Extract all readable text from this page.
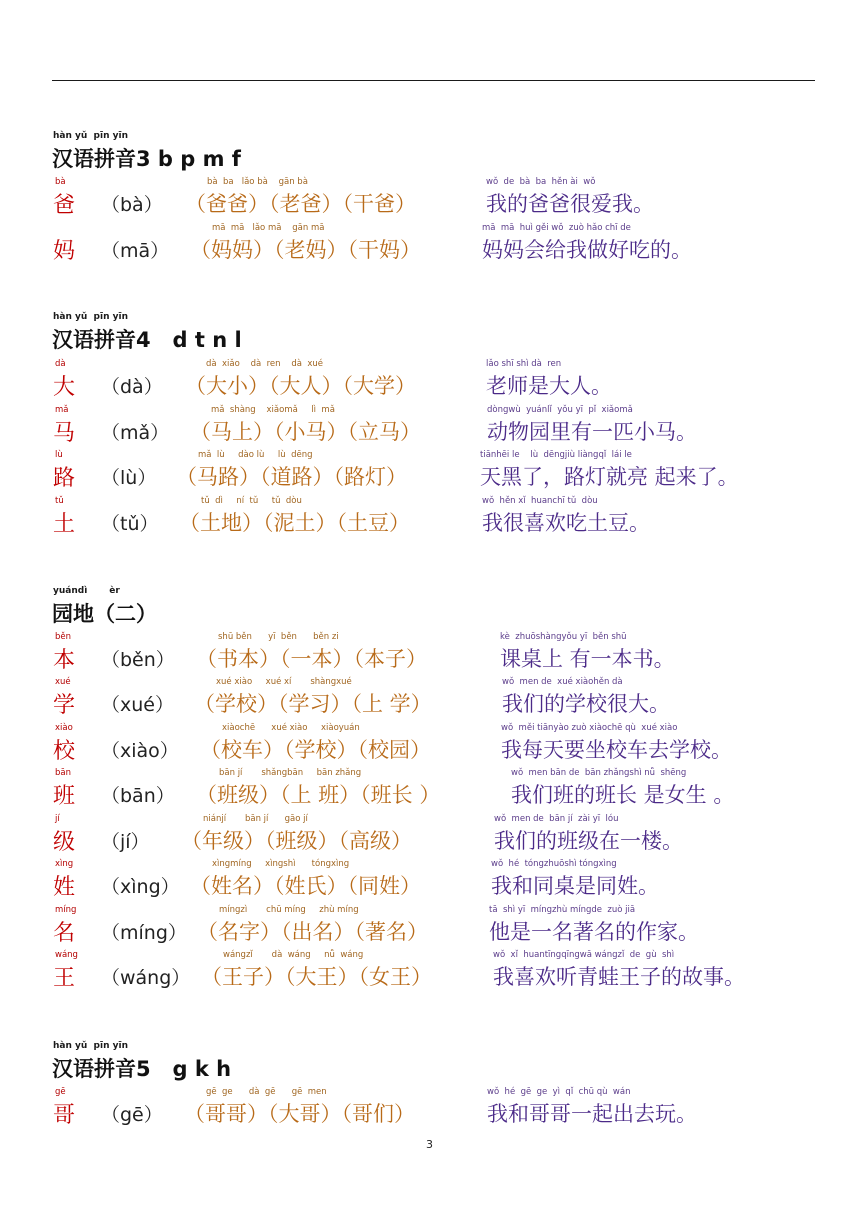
hàn yǔ  pīn yīn
汉语拼音3 b p m f
bà
爸 （bà）
bà  ba   lǎo bà    gān bà
（爸爸）（老爸）（干爸）
wǒ  de  bà  ba  hěn ài  wǒ
我的爸爸很爱我。
妈 （mā）
mā  mā   lǎo mā    gān mā
（妈妈）（老妈）（干妈）
mā  mā  huì gěi wǒ  zuò hǎo chī de
妈妈会给我做好吃的。
hàn yǔ  pīn yīn
汉语拼音4   d t n l
dà
大 （dà）
dà  xiǎo    dà  ren    dà  xué
（大小）（大人）（大学）
lǎo shī shì dà  ren
老师是大人。
mǎ
马 （mǎ）
mǎ  shàng    xiǎomǎ     lì  mǎ
（马上）（小马）（立马）
dòngwù  yuánlǐ  yǒu yī  pǐ  xiǎomǎ
动物园里有一匹小马。
lù
路 （lù）
mǎ  lù     dào lù     lù  dēng
（马路）（道路）（路灯）
tiānhēi le    lù  dēngjiù liàngqǐ  lái le
天黑了，路灯就亮 起来了。
tǔ
土 （tǔ）
tǔ  dì     ní  tǔ     tǔ  dòu
（土地）（泥土）（土豆）
wǒ  hěn xǐ  huanchī tǔ  dòu
我很喜欢吃土豆。
yuándì       èr
园地（二）
běn
本 （běn）
shū běn      yī  běn      běn zi
（书本）（一本）（本子）
kè  zhuōshàngyǒu yī  běn shū
课桌上 有一本书。
xué
学 （xué）
xué xiào     xué xí       shàngxué
（学校）（学习）（上 学）
wǒ  men de  xué xiàohěn dà
我们的学校很大。
xiào
校 （xiào）
xiàochē      xué xiào     xiàoyuán
（校车）（学校）（校园）
wǒ  měi tiānyào zuò xiàochē qù  xué xiào
我每天要坐校车去学校。
bān
班 （bān）
bān jí       shǎngbān     bān zhǎng
（班级）（上 班）（班长 ）
wǒ  men bān de  bān zhǎngshì nǚ  shēng
我们班的班长 是女生 。
jí
级 （jí）
niánjí       bān jí      gāo jí
（年级）（班级）（高级）
wǒ  men de  bān jí  zài yī  lóu
我们的班级在一楼。
xìng
姓 （xìng）
xìngmíng     xìngshì      tóngxìng
（姓名）（姓氏）（同姓）
wǒ  hé  tóngzhuōshì tóngxìng
我和同桌是同姓。
míng
名 （míng）
míngzì       chū míng     zhù míng
（名字）（出名）（著名）
tā  shì yī  míngzhù míngde  zuò jiā
他是一名著名的作家。
wáng
王 （wáng）
wángzǐ       dà  wáng     nǚ  wáng
（王子）（大王）（女王）
wǒ  xǐ  huantīngqīngwā wángzǐ  de  gù  shì
我喜欢听青蛙王子的故事。
hàn yǔ  pīn yīn
汉语拼音5   g k h
gē
哥 （gē）
gē  ge      dà  gē      gē  men
（哥哥）（大哥）（哥们）
wǒ  hé  gē  ge  yì  qǐ  chū qù  wán
我和哥哥一起出去玩。
3
